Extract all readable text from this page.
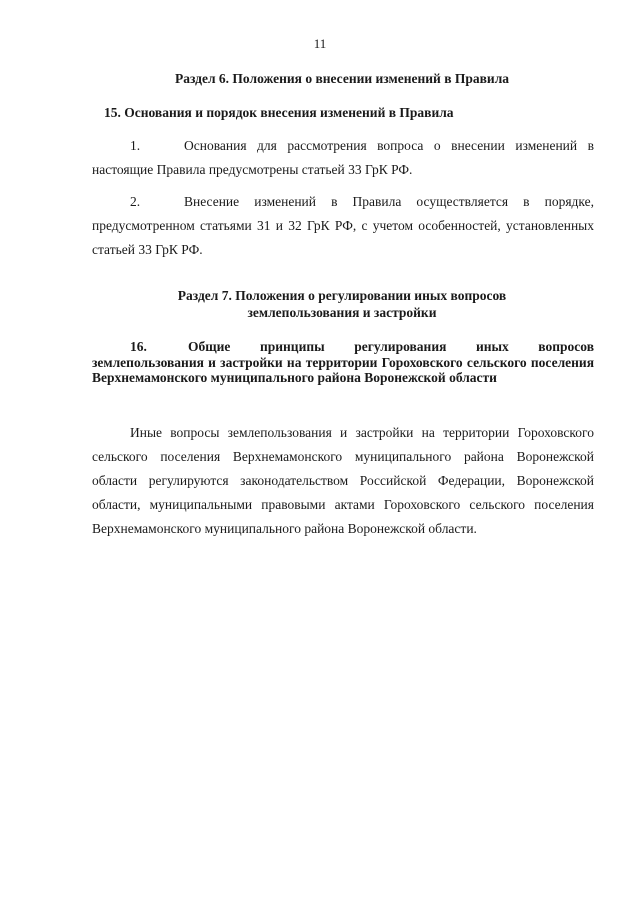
11
Раздел 6. Положения о внесении изменений в Правила
15. Основания и порядок внесения изменений в Правила
1.	Основания для рассмотрения вопроса о внесении изменений в настоящие Правила предусмотрены статьей 33 ГрК РФ.
2.	Внесение изменений в Правила осуществляется в порядке, предусмотренном статьями 31 и 32 ГрК РФ, с учетом особенностей, установленных статьей 33 ГрК РФ.
Раздел 7. Положения о регулировании иных вопросов
землепользования и застройки
16.	Общие принципы регулирования иных вопросов землепользования и застройки на территории Гороховского сельского поселения Верхнемамонского муниципального района Воронежской области
Иные вопросы землепользования и застройки на территории Гороховского сельского поселения Верхнемамонского муниципального района Воронежской области регулируются законодательством Российской Федерации, Воронежской области, муниципальными правовыми актами Гороховского сельского поселения Верхнемамонского муниципального района Воронежской области.
